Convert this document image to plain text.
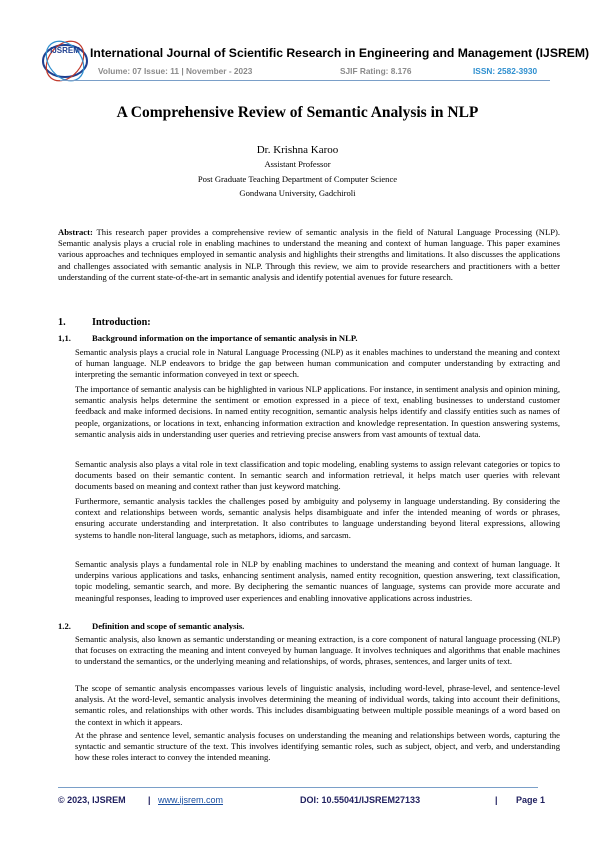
IJSREM International Journal of Scientific Research in Engineering and Management (IJSREM)
Volume: 07 Issue: 11 | November - 2023	SJIF Rating: 8.176	ISSN: 2582-3930
A Comprehensive Review of Semantic Analysis in NLP
Dr. Krishna Karoo
Assistant Professor
Post Graduate Teaching Department of Computer Science
Gondwana University, Gadchiroli
Abstract: This research paper provides a comprehensive review of semantic analysis in the field of Natural Language Processing (NLP). Semantic analysis plays a crucial role in enabling machines to understand the meaning and context of human language. This paper examines various approaches and techniques employed in semantic analysis and highlights their strengths and limitations. It also discusses the applications and challenges associated with semantic analysis in NLP. Through this review, we aim to provide researchers and practitioners with a better understanding of the current state-of-the-art in semantic analysis and identify potential avenues for future research.
1.	Introduction:
1,1. Background information on the importance of semantic analysis in NLP.
Semantic analysis plays a crucial role in Natural Language Processing (NLP) as it enables machines to understand the meaning and context of human language. NLP endeavors to bridge the gap between human communication and computer understanding by extracting and interpreting the semantic information conveyed in text or speech.
The importance of semantic analysis can be highlighted in various NLP applications. For instance, in sentiment analysis and opinion mining, semantic analysis helps determine the sentiment or emotion expressed in a piece of text, enabling businesses to understand customer feedback and make informed decisions. In named entity recognition, semantic analysis helps identify and classify entities such as names of people, organizations, or locations in text, enhancing information extraction and knowledge representation. In question answering systems, semantic analysis aids in understanding user queries and retrieving precise answers from vast amounts of textual data.
Semantic analysis also plays a vital role in text classification and topic modeling, enabling systems to assign relevant categories or topics to documents based on their semantic content. In semantic search and information retrieval, it helps match user queries with relevant documents based on meaning and context rather than just keyword matching.
Furthermore, semantic analysis tackles the challenges posed by ambiguity and polysemy in language understanding. By considering the context and relationships between words, semantic analysis helps disambiguate and infer the intended meaning of words or phrases, ensuring accurate understanding and interpretation. It also contributes to language understanding beyond literal expressions, allowing systems to handle non-literal language, such as metaphors, idioms, and sarcasm.
Semantic analysis plays a fundamental role in NLP by enabling machines to understand the meaning and context of human language. It underpins various applications and tasks, enhancing sentiment analysis, named entity recognition, question answering, text classification, topic modeling, semantic search, and more. By deciphering the semantic nuances of language, systems can provide more accurate and meaningful responses, leading to improved user experiences and enabling innovative applications across industries.
1.2. Definition and scope of semantic analysis.
Semantic analysis, also known as semantic understanding or meaning extraction, is a core component of natural language processing (NLP) that focuses on extracting the meaning and intent conveyed by human language. It involves techniques and algorithms that enable machines to understand the semantics, or the underlying meaning and relationships, of words, phrases, sentences, and larger units of text.
The scope of semantic analysis encompasses various levels of linguistic analysis, including word-level, phrase-level, and sentence-level analysis. At the word-level, semantic analysis involves determining the meaning of individual words, taking into account their definitions, semantic roles, and relationships with other words. This includes disambiguating between multiple possible meanings of a word based on the context in which it appears.
At the phrase and sentence level, semantic analysis focuses on understanding the meaning and relationships between words, capturing the syntactic and semantic structure of the text. This involves identifying semantic roles, such as subject, object, and verb, and understanding how these roles interact to convey the intended meaning.
© 2023, IJSREM | www.ijsrem.com	DOI: 10.55041/IJSREM27133	| Page 1
